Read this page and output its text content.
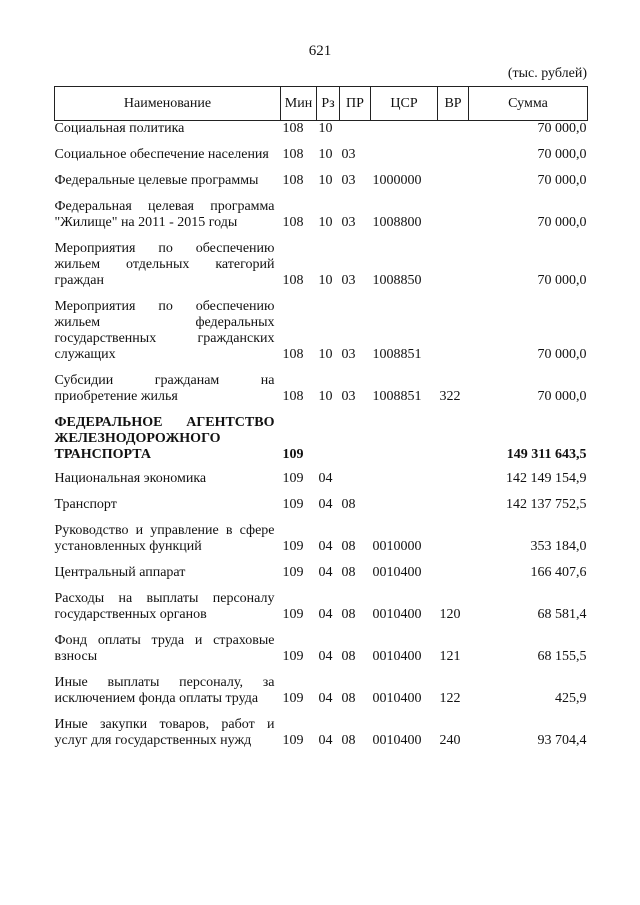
621
(тыс. рублей)
Наименование	Мин	Рз	ПР	ЦСР	ВР	Сумма
Социальная политика	108	10				70 000,0
Социальное обеспечение населения	108	10	03			70 000,0
Федеральные целевые программы	108	10	03	1000000		70 000,0
Федеральная целевая программа "Жилище" на 2011 - 2015 годы	108	10	03	1008800		70 000,0
Мероприятия по обеспечению жильем отдельных категорий граждан	108	10	03	1008850		70 000,0
Мероприятия по обеспечению жильем федеральных государственных гражданских служащих	108	10	03	1008851		70 000,0
Субсидии гражданам на приобретение жилья	108	10	03	1008851	322	70 000,0
ФЕДЕРАЛЬНОЕ АГЕНТСТВО ЖЕЛЕЗНОДОРОЖНОГО ТРАНСПОРТА	109					149 311 643,5
Национальная экономика	109	04				142 149 154,9
Транспорт	109	04	08			142 137 752,5
Руководство и управление в сфере установленных функций	109	04	08	0010000		353 184,0
Центральный аппарат	109	04	08	0010400		166 407,6
Расходы на выплаты персоналу государственных органов	109	04	08	0010400	120	68 581,4
Фонд оплаты труда и страховые взносы	109	04	08	0010400	121	68 155,5
Иные выплаты персоналу, за исключением фонда оплаты труда	109	04	08	0010400	122	425,9
Иные закупки товаров, работ и услуг для государственных нужд	109	04	08	0010400	240	93 704,4
